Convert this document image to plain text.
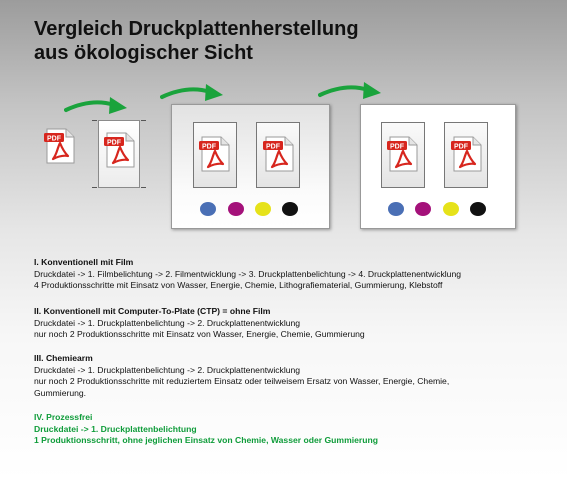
Vergleich Druckplattenherstellung
aus ökologischer Sicht
PDF
PDF
PDF	PDF	PDF	PDF

I. Konventionell mit Film

Druckdatei -> 1. Filmbelichtung -> 2. Filmentwicklung -> 3. Druckplattenbelichtung -> 4. Druckplattenentwicklung

4 Produktionsschritte mit Einsatz von Wasser, Energie, Chemie, Lithografiematerial, Gummierung, Klebstoff

II. Konventionell mit Computer-To-Plate (CTP) = ohne Film

Druckdatei -> 1. Druckplattenbelichtung -> 2. Druckplattenentwicklung

nur noch 2 Produktionsschritte mit Einsatz von Wasser, Energie, Chemie, Gummierung

III. Chemiearm

Druckdatei -> 1. Druckplattenbelichtung -> 2. Druckplattenentwicklung

nur noch 2 Produktionsschritte mit reduziertem Einsatz oder teilweisem Ersatz von Wasser, Energie, Chemie,

Gummierung.

IV. Prozessfrei

Druckdatei -> 1. Druckplattenbelichtung

1 Produktionsschritt, ohne jeglichen Einsatz von Chemie, Wasser oder Gummierung
